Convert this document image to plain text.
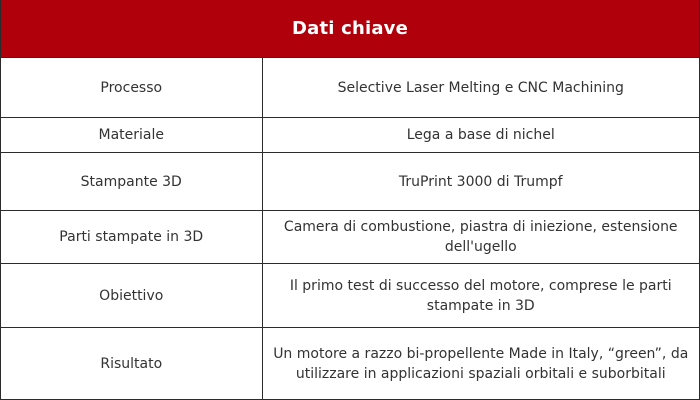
Dati chiave
Processo	Selective Laser Melting e CNC Machining
Materiale	Lega a base di nichel
Stampante 3D	TruPrint 3000 di Trumpf
Parti stampate in 3D	Camera di combustione, piastra di iniezione, estensione dell'ugello
Obiettivo	Il primo test di successo del motore, comprese le parti stampate in 3D
Risultato	Un motore a razzo bi-propellente Made in Italy, “green”, da utilizzare in applicazioni spaziali orbitali e suborbitali
